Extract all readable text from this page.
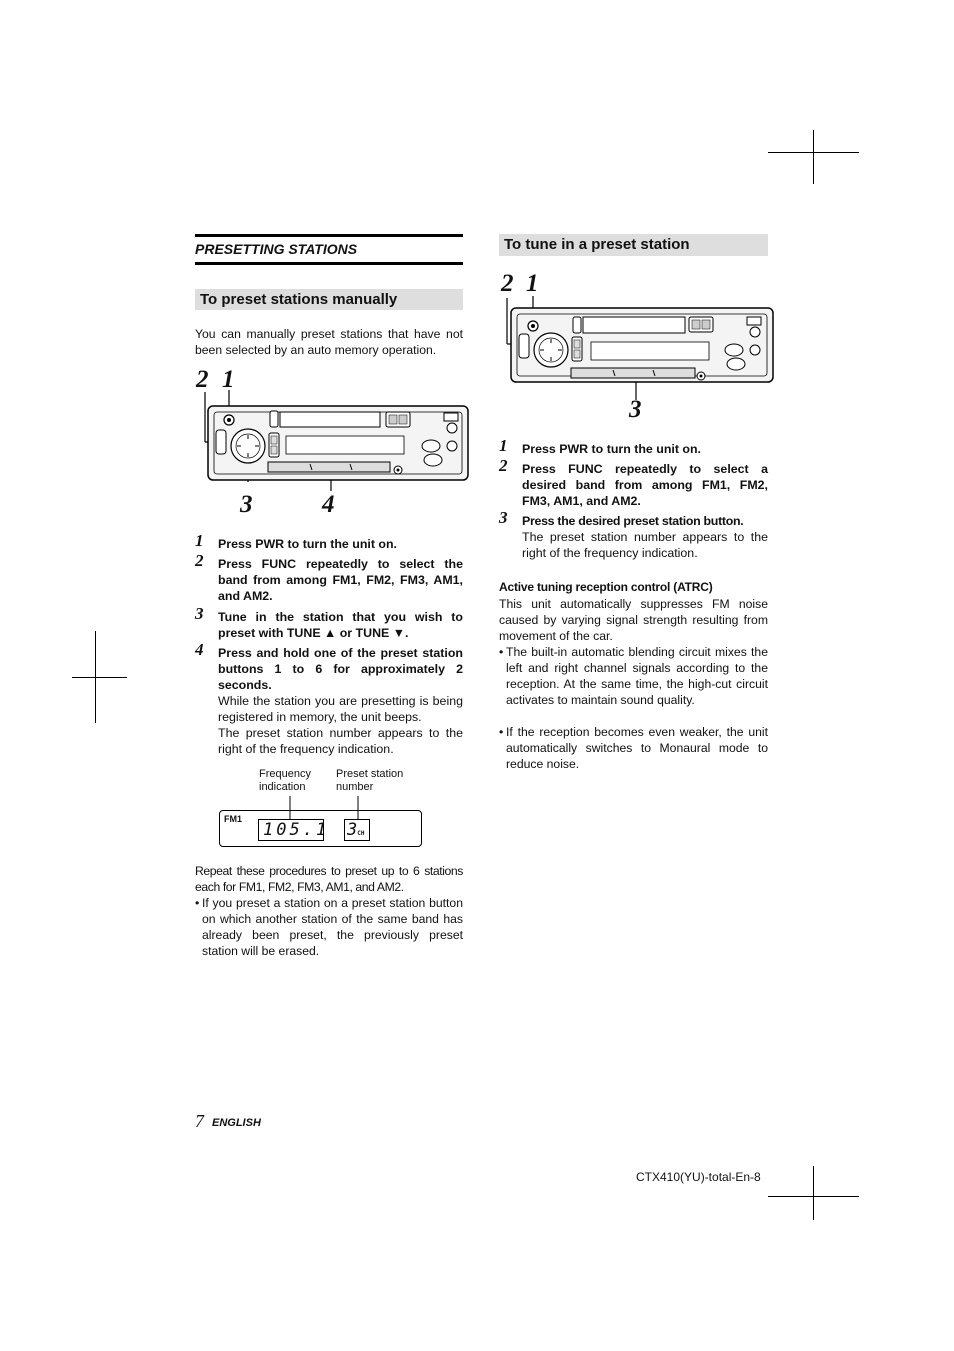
PRESETTING STATIONS
To preset stations manually
You can manually preset stations that have not been selected by an auto memory operation.
2 1
3	4
1 Press PWR to turn the unit on.
2 Press FUNC repeatedly to select the band from among FM1, FM2, FM3, AM1, and AM2.
3 Tune in the station that you wish to preset with TUNE ▲ or TUNE ▼.
4 Press and hold one of the preset station buttons 1 to 6 for approximately 2 seconds.
While the station you are presetting is being registered in memory, the unit beeps.
The preset station number appears to the right of the frequency indication.
Frequency indication
Preset station number
FM1
105.1 3CH
Repeat these procedures to preset up to 6 stations each for FM1, FM2, FM3, AM1, and AM2.
• If you preset a station on a preset station button on which another station of the same band has already been preset, the previously preset station will be erased.
To tune in a preset station
2 1
3
1 Press PWR to turn the unit on.
2 Press FUNC repeatedly to select a desired band from among FM1, FM2, FM3, AM1, and AM2.
3 Press the desired preset station button.
The preset station number appears to the right of the frequency indication.
Active tuning reception control (ATRC)
This unit automatically suppresses FM noise caused by varying signal strength resulting from movement of the car.
• The built-in automatic blending circuit mixes the left and right channel signals according to the reception. At the same time, the high-cut circuit activates to maintain sound quality.
• If the reception becomes even weaker, the unit automatically switches to Monaural mode to reduce noise.
7 ENGLISH
CTX410(YU)-total-En-8
